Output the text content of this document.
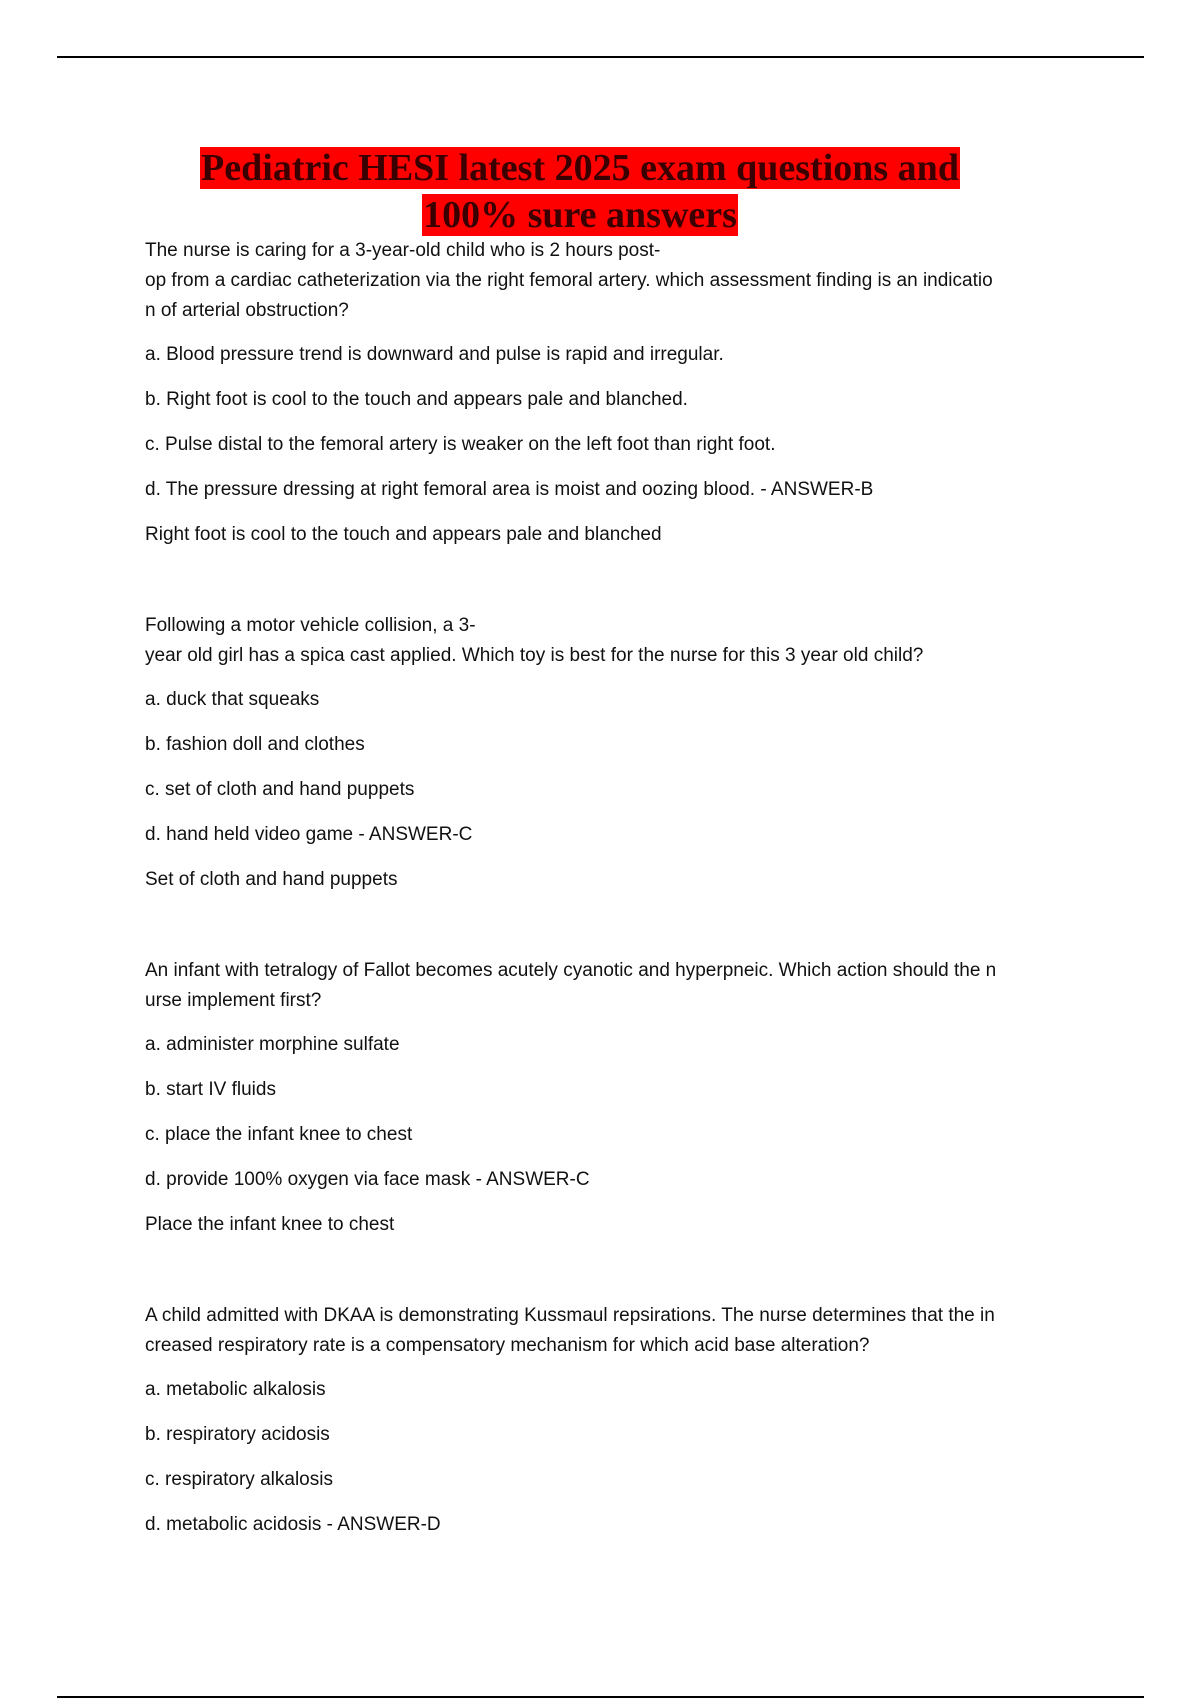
Pediatric HESI latest 2025 exam questions and
100% sure answers

The nurse is caring for a 3-year-old child who is 2 hours post-
op from a cardiac catheterization via the right femoral artery. which assessment finding is an indicatio
n of arterial obstruction?

a. Blood pressure trend is downward and pulse is rapid and irregular.

b. Right foot is cool to the touch and appears pale and blanched.

c. Pulse distal to the femoral artery is weaker on the left foot than right foot.

d. The pressure dressing at right femoral area is moist and oozing blood. - ANSWER-B

Right foot is cool to the touch and appears pale and blanched

Following a motor vehicle collision, a 3-
year old girl has a spica cast applied. Which toy is best for the nurse for this 3 year old child?

a. duck that squeaks

b. fashion doll and clothes

c. set of cloth and hand puppets

d. hand held video game - ANSWER-C

Set of cloth and hand puppets

An infant with tetralogy of Fallot becomes acutely cyanotic and hyperpneic. Which action should the n
urse implement first?

a. administer morphine sulfate

b. start IV fluids

c. place the infant knee to chest

d. provide 100% oxygen via face mask - ANSWER-C

Place the infant knee to chest

A child admitted with DKAA is demonstrating Kussmaul repsirations. The nurse determines that the in
creased respiratory rate is a compensatory mechanism for which acid base alteration?

a. metabolic alkalosis

b. respiratory acidosis

c. respiratory alkalosis

d. metabolic acidosis - ANSWER-D
